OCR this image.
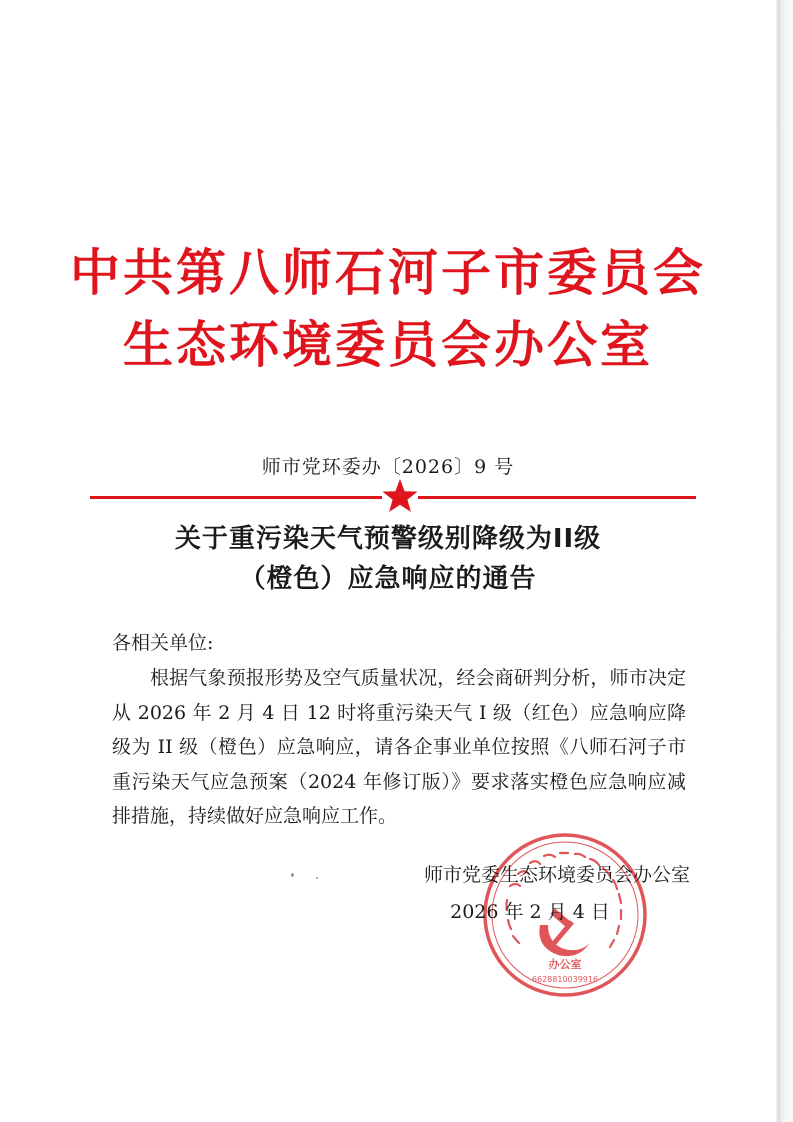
中共第八师石河子市委员会
生态环境委员会办公室
师市党环委办〔2026〕9 号
关于重污染天气预警级别降级为II级
（橙色）应急响应的通告
各相关单位:

根据气象预报形势及空气质量状况，经会商研判分析，师市决定从 2026 年 2 月 4 日 12 时将重污染天气 I 级（红色）应急响应降级为 II 级（橙色）应急响应，请各企事业单位按照《八师石河子市重污染天气应急预案（2024 年修订版）》要求落实橙色应急响应减排措施，持续做好应急响应工作。

办公室
6628810039916
师市党委生态环境委员会办公室
2026 年 2 月 4 日
